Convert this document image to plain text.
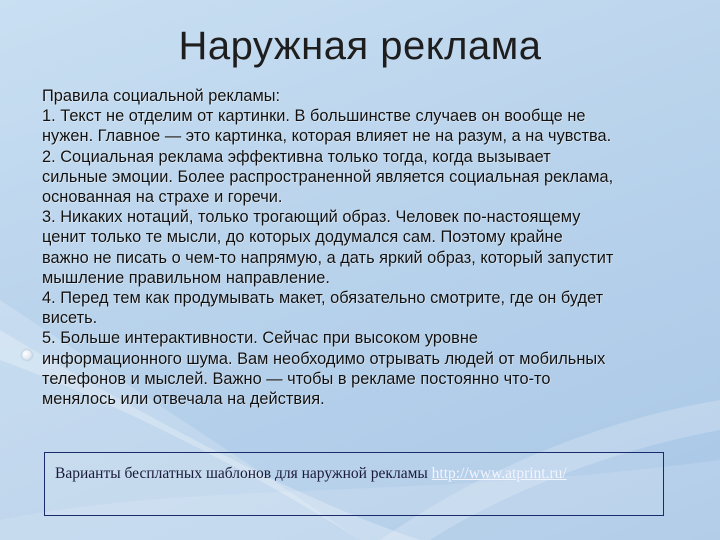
Наружная реклама

Правила социальной рекламы:

1. Текст не отделим от картинки. В большинстве случаев он вообще не

нужен. Главное — это картинка, которая влияет не на разум, а на чувства.

2. Социальная реклама эффективна только тогда, когда вызывает

сильные эмоции. Более распространенной является социальная реклама,

основанная на страхе и горечи.

3. Никаких нотаций, только трогающий образ. Человек по-настоящему

ценит только те мысли, до которых додумался сам. Поэтому крайне

важно не писать о чем-то напрямую, а дать яркий образ, который запустит

мышление правильном направление.

4. Перед тем как продумывать макет, обязательно смотрите, где он будет

висеть.

5. Больше интерактивности. Сейчас при высоком уровне

информационного шума. Вам необходимо отрывать людей от мобильных

телефонов и мыслей. Важно — чтобы в рекламе постоянно что-то

менялось или отвечала на действия.

Варианты бесплатных шаблонов для наружной рекламы http://www.atprint.ru/
